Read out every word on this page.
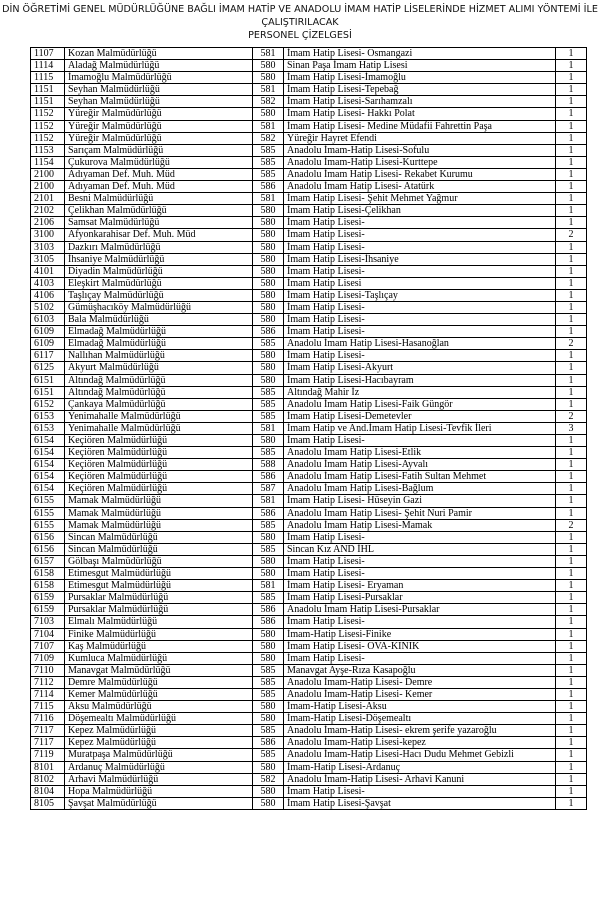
DİN ÖĞRETİMİ GENEL MÜDÜRLÜĞÜNE BAĞLI İMAM HATİP VE ANADOLU İMAM HATİP LİSELERİNDE HİZMET ALIMI YÖNTEMİ İLE ÇALIŞTIRILACAK
PERSONEL ÇİZELGESİ
1107	Kozan Malmüdürlüğü	581	İmam Hatip Lisesi- Osmangazi	1
1114	Aladağ Malmüdürlüğü	580	Sinan Paşa İmam Hatip Lisesi	1
1115	İmamoğlu Malmüdürlüğü	580	İmam Hatip Lisesi-İmamoğlu	1
1151	Seyhan Malmüdürlüğü	581	İmam Hatip Lisesi-Tepebağ	1
1151	Seyhan Malmüdürlüğü	582	İmam Hatip Lisesi-Sarıhamzalı	1
1152	Yüreğir Malmüdürlüğü	580	İmam Hatip Lisesi- Hakkı Polat	1
1152	Yüreğir Malmüdürlüğü	581	İmam Hatip Lisesi- Medine Müdafii Fahrettin Paşa	1
1152	Yüreğir Malmüdürlüğü	582	Yüreğir Hayret Efendi	1
1153	Sarıçam Malmüdürlüğü	585	Anadolu İmam-Hatip Lisesi-Sofulu	1
1154	Çukurova Malmüdürlüğü	585	Anadolu İmam-Hatip Lisesi-Kurttepe	1
2100	Adıyaman Def. Muh. Müd	585	Anadolu İmam Hatip Lisesi- Rekabet Kurumu	1
2100	Adıyaman Def. Muh. Müd	586	Anadolu İmam Hatip Lisesi- Atatürk	1
2101	Besni Malmüdürlüğü	581	İmam Hatip Lisesi- Şehit Mehmet Yağmur	1
2102	Çelikhan Malmüdürlüğü	580	İmam Hatip Lisesi-Çelikhan	1
2106	Samsat Malmüdürlüğü	580	İmam Hatip Lisesi-	1
3100	Afyonkarahisar Def. Muh. Müd	580	İmam Hatip Lisesi-	2
3103	Dazkırı Malmüdürlüğü	580	İmam Hatip Lisesi-	1
3105	İhsaniye Malmüdürlüğü	580	İmam Hatip Lisesi-İhsaniye	1
4101	Diyadin Malmüdürlüğü	580	İmam Hatip Lisesi-	1
4103	Eleşkirt Malmüdürlüğü	580	İmam Hatip Lisesi	1
4106	Taşlıçay Malmüdürlüğü	580	İmam Hatip Lisesi-Taşlıçay	1
5102	Gümüşhacıköy Malmüdürlüğü	580	İmam Hatip Lisesi-	1
6103	Bala Malmüdürlüğü	580	İmam Hatip Lisesi-	1
6109	Elmadağ Malmüdürlüğü	586	İmam Hatip Lisesi-	1
6109	Elmadağ Malmüdürlüğü	585	Anadolu İmam Hatip Lisesi-Hasanoğlan	2
6117	Nallıhan Malmüdürlüğü	580	İmam Hatip Lisesi-	1
6125	Akyurt Malmüdürlüğü	580	İmam Hatip Lisesi-Akyurt	1
6151	Altındağ Malmüdürlüğü	580	İmam Hatip Lisesi-Hacıbayram	1
6151	Altındağ Malmüdürlüğü	585	Altındağ Mahir İz	1
6152	Çankaya Malmüdürlüğü	585	Anadolu İmam Hatip Lisesi-Faik Güngör	1
6153	Yenimahalle Malmüdürlüğü	585	İmam Hatip Lisesi-Demetevler	2
6153	Yenimahalle Malmüdürlüğü	581	İmam Hatip ve And.İmam Hatip Lisesi-Tevfik İleri	3
6154	Keçiören Malmüdürlüğü	580	İmam Hatip Lisesi-	1
6154	Keçiören Malmüdürlüğü	585	Anadolu İmam Hatip Lisesi-Etlik	1
6154	Keçiören Malmüdürlüğü	588	Anadolu İmam Hatip Lisesi-Ayvalı	1
6154	Keçiören Malmüdürlüğü	586	Anadolu İmam Hatip Lisesi-Fatih Sultan Mehmet	1
6154	Keçiören Malmüdürlüğü	587	Anadolu İmam Hatip Lisesi-Bağlum	1
6155	Mamak Malmüdürlüğü	581	İmam Hatip Lisesi- Hüseyin Gazi	1
6155	Mamak Malmüdürlüğü	586	Anadolu İmam Hatip Lisesi- Şehit Nuri Pamir	1
6155	Mamak Malmüdürlüğü	585	Anadolu İmam Hatip Lisesi-Mamak	2
6156	Sincan Malmüdürlüğü	580	İmam Hatip Lisesi-	1
6156	Sincan Malmüdürlüğü	585	Sincan Kız AND İHL	1
6157	Gölbaşı Malmüdürlüğü	580	İmam Hatip Lisesi-	1
6158	Etimesgut Malmüdürlüğü	580	İmam Hatip Lisesi-	1
6158	Etimesgut Malmüdürlüğü	581	İmam Hatip Lisesi- Eryaman	1
6159	Pursaklar Malmüdürlüğü	585	İmam Hatip Lisesi-Pursaklar	1
6159	Pursaklar Malmüdürlüğü	586	Anadolu İmam Hatip Lisesi-Pursaklar	1
7103	Elmalı Malmüdürlüğü	586	İmam Hatip Lisesi-	1
7104	Finike Malmüdürlüğü	580	İmam-Hatip Lisesi-Finike	1
7107	Kaş Malmüdürlüğü	580	İmam Hatip Lisesi- OVA-KINIK	1
7109	Kumluca Malmüdürlüğü	580	İmam Hatip Lisesi-	1
7110	Manavgat Malmüdürlüğü	585	Manavgat Ayşe-Rıza Kasapoğlu	1
7112	Demre Malmüdürlüğü	585	Anadolu İmam-Hatip Lisesi- Demre	1
7114	Kemer Malmüdürlüğü	585	Anadolu İmam-Hatip Lisesi- Kemer	1
7115	Aksu Malmüdürlüğü	580	İmam-Hatip Lisesi-Aksu	1
7116	Döşemealtı Malmüdürlüğü	580	İmam-Hatip Lisesi-Döşemealtı	1
7117	Kepez Malmüdürlüğü	585	Anadolu İmam-Hatip Lisesi- ekrem şerife yazaroğlu	1
7117	Kepez Malmüdürlüğü	586	Anadolu İmam-Hatip Lisesi-kepez	1
7119	Muratpaşa Malmüdürlüğü	585	Anadolu İmam-Hatip Lisesi-Hacı Dudu Mehmet Gebizli	1
8101	Ardanuç Malmüdürlüğü	580	İmam-Hatip Lisesi-Ardanuç	1
8102	Arhavi Malmüdürlüğü	582	Anadolu İmam-Hatip Lisesi- Arhavi Kanuni	1
8104	Hopa Malmüdürlüğü	580	İmam Hatip Lisesi-	1
8105	Şavşat Malmüdürlüğü	580	İmam Hatip Lisesi-Şavşat	1
